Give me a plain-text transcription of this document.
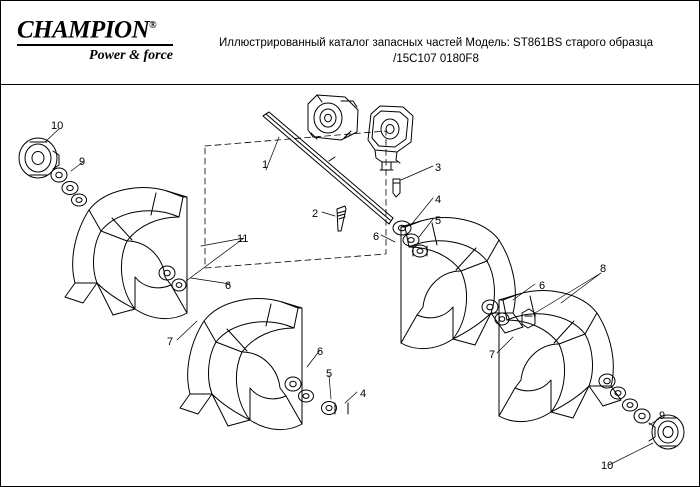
CHAMPION®
Power & force
Иллюстрированный каталог запасных частей Модель: ST861BS старого образца
/15C107 0180F8
10
9	1	3
4
2
5
6
11
6
8
6
7
6
5
7
4
9
10
